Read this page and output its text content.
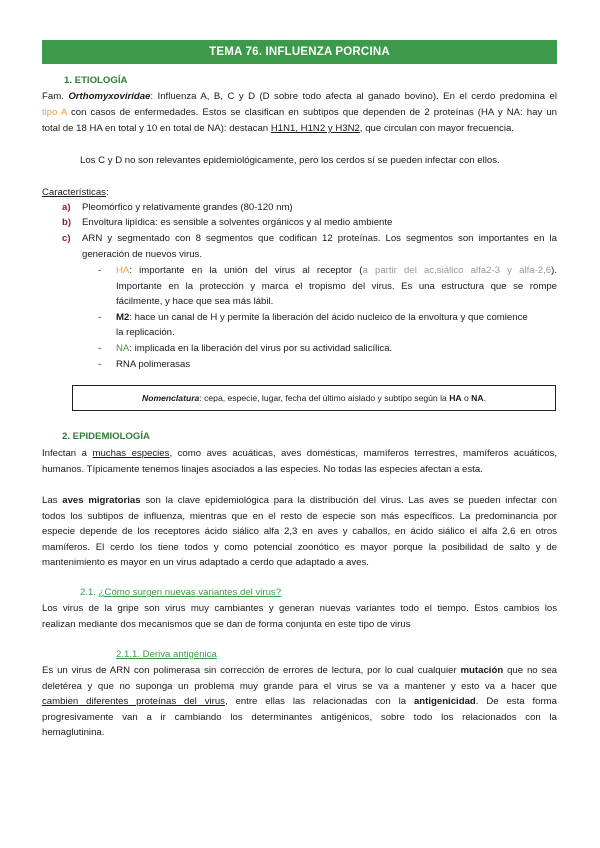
TEMA 76. INFLUENZA PORCINA
1. ETIOLOGÍA
Fam. Orthomyxoviridae: Influenza A, B, C y D (D sobre todo afecta al ganado bovino). En el cerdo predomina el
tipo A con casos de enfermedades. Estos se clasifican en subtipos que dependen de 2 proteínas (HA y NA: hay un
total de 18 HA en total y 10 en total de NA): destacan H1N1, H1N2 y H3N2, que circulan con mayor frecuencia.
Los C y D no son relevantes epidemiológicamente, pero los cerdos sí se pueden infectar con ellos.
Características:
a) Pleomórfico y relativamente grandes (80-120 nm)
b) Envoltura lipídica: es sensible a solventes orgánicos y al medio ambiente
c) ARN y segmentado con 8 segmentos que codifican 12 proteínas. Los segmentos son importantes en la
generación de nuevos virus.
-	HA: importante en la unión del virus al receptor (a partir del ac.siálico alfa2-3 y alfa-2,6).
Importante en la protección y marca el tropismo del virus. Es una estructura que se rompe
fácilmente, y hace que sea más lábil.
-	M2: hace un canal de H y permite la liberación del ácido nucleico de la envoltura y que comience
la replicación.
-	NA: implicada en la liberación del virus por su actividad salicílica.
-	RNA polimerasas
Nomenclatura: cepa, especie, lugar, fecha del último aislado y subtipo según la HA o NA.
2. EPIDEMIOLOGÍA
Infectan a muchas especies, como aves acuáticas, aves domésticas, mamíferos terrestres, mamíferos acuáticos,
humanos. Típicamente tenemos linajes asociados a las especies. No todas las especies afectan a esta.
Las aves migratorias son la clave epidemiológica para la distribución del virus. Las aves se pueden infectar con
todos los subtipos de influenza, mientras que en el resto de especie son más específicos. La predominancia por
especie depende de los receptores ácido siálico alfa 2,3 en aves y caballos, en ácido siálico el alfa 2,6 en otros
mamíferos. El cerdo los tiene todos y como potencial zoonótico es mayor porque la posibilidad de salto y de
mantenimiento es mayor en un virus adaptado a cerdo que adaptado a aves.
2.1. ¿Cómo surgen nuevas variantes del virus?
Los virus de la gripe son virus muy cambiantes y generan nuevas variantes todo el tiempo. Estos cambios los
realizan mediante dos mecanismos que se dan de forma conjunta en este tipo de virus
2.1.1. Deriva antigénica
Es un virus de ARN con polimerasa sin corrección de errores de lectura, por lo cual cualquier mutación que no sea
deletérea y que no suponga un problema muy grande para el virus se va a mantener y esto va a hacer que
cambien diferentes proteínas del virus, entre ellas las relacionadas con la antigenicidad. De esta forma
progresivamente van a ir cambiando los determinantes antigénicos, sobre todo los relacionados con la
hemaglutinina.
